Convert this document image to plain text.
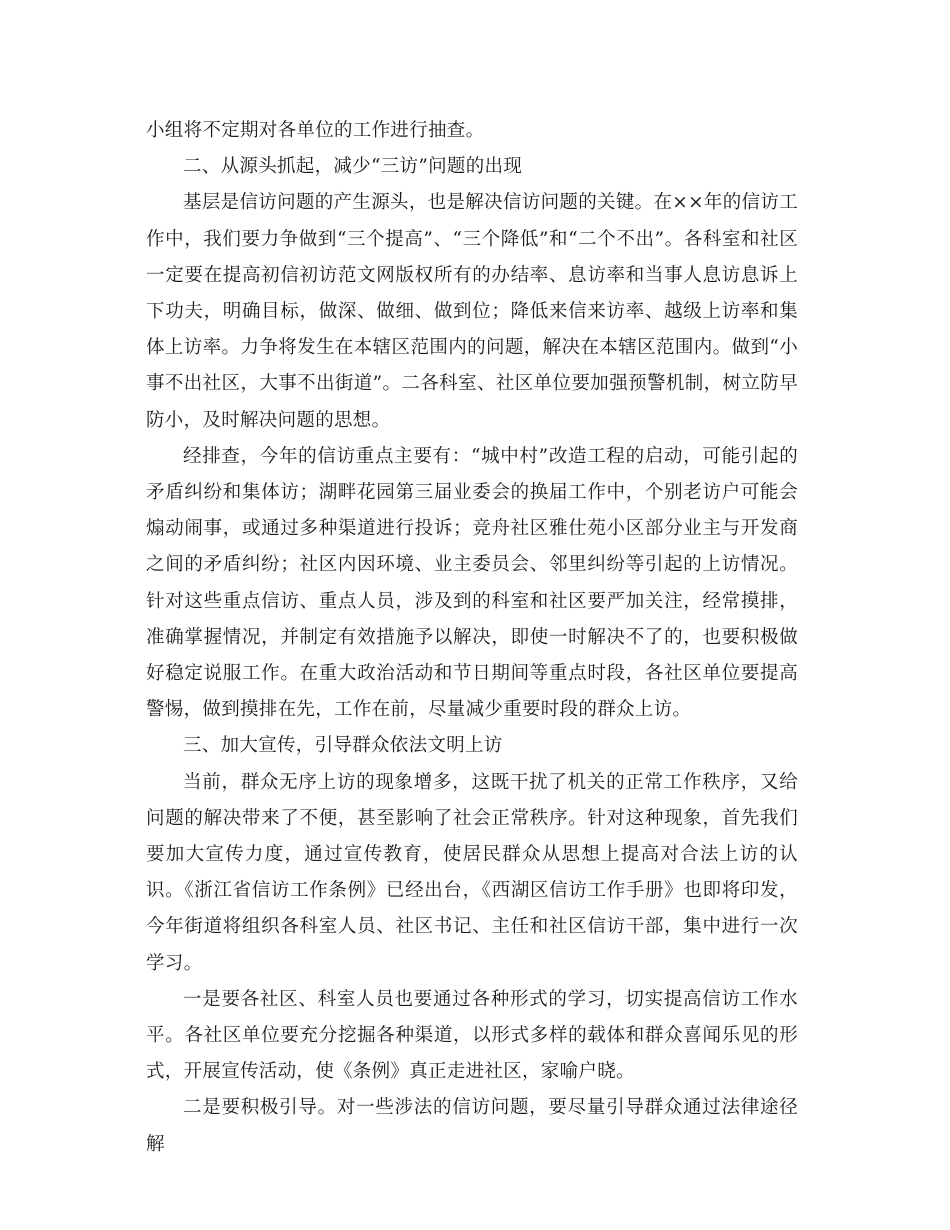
小组将不定期对各单位的工作进行抽查。

二、从源头抓起，减少“三访”问题的出现

基层是信访问题的产生源头，也是解决信访问题的关键。在××年的信访工作中，我们要力争做到“三个提高”、“三个降低”和“二个不出”。各科室和社区一定要在提高初信初访范文网版权所有的办结率、息访率和当事人息访息诉上下功夫，明确目标，做深、做细、做到位；降低来信来访率、越级上访率和集体上访率。力争将发生在本辖区范围内的问题，解决在本辖区范围内。做到“小事不出社区，大事不出街道”。二各科室、社区单位要加强预警机制，树立防早防小，及时解决问题的思想。

经排查，今年的信访重点主要有：“城中村”改造工程的启动，可能引起的矛盾纠纷和集体访；湖畔花园第三届业委会的换届工作中，个别老访户可能会煽动闹事，或通过多种渠道进行投诉；竞舟社区雅仕苑小区部分业主与开发商之间的矛盾纠纷；社区内因环境、业主委员会、邻里纠纷等引起的上访情况。针对这些重点信访、重点人员，涉及到的科室和社区要严加关注，经常摸排，准确掌握情况，并制定有效措施予以解决，即使一时解决不了的，也要积极做好稳定说服工作。在重大政治活动和节日期间等重点时段，各社区单位要提高警惕，做到摸排在先，工作在前，尽量减少重要时段的群众上访。

三、加大宣传，引导群众依法文明上访

当前，群众无序上访的现象增多，这既干扰了机关的正常工作秩序，又给问题的解决带来了不便，甚至影响了社会正常秩序。针对这种现象，首先我们要加大宣传力度，通过宣传教育，使居民群众从思想上提高对合法上访的认识。《浙江省信访工作条例》已经出台，《西湖区信访工作手册》也即将印发，今年街道将组织各科室人员、社区书记、主任和社区信访干部，集中进行一次学习。

一是要各社区、科室人员也要通过各种形式的学习，切实提高信访工作水平。各社区单位要充分挖掘各种渠道，以形式多样的载体和群众喜闻乐见的形式，开展宣传活动，使《条例》真正走进社区，家喻户晓。

二是要积极引导。对一些涉法的信访问题，要尽量引导群众通过法律途径解
